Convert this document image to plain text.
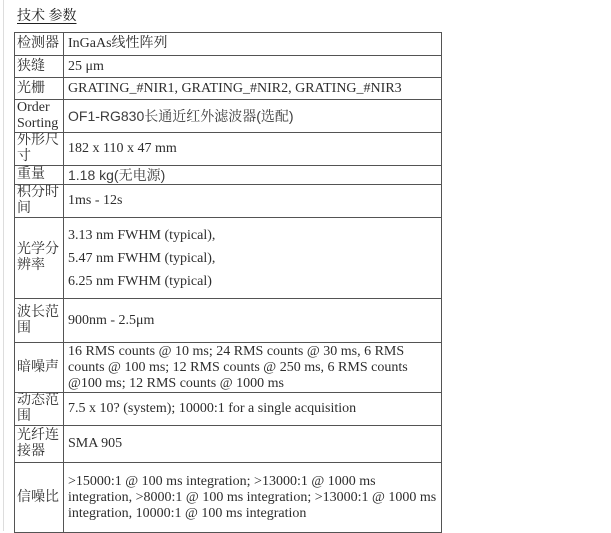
技术 参数
检测器	InGaAs线性阵列
狭缝	25 μm
光栅	GRATING_#NIR1, GRATING_#NIR2, GRATING_#NIR3
Order Sorting	OF1-RG830长通近红外滤波器(选配)
外形尺寸	182 x 110 x 47 mm
重量	1.18 kg(无电源)
积分时间	1ms - 12s
光学分辨率	3.13 nm FWHM (typical),
5.47 nm FWHM (typical),
6.25 nm FWHM (typical)

波长范围	900nm - 2.5μm
暗噪声	16 RMS counts @ 10 ms; 24 RMS counts @ 30 ms, 6 RMS counts @ 100 ms; 12 RMS counts @ 250 ms, 6 RMS counts @100 ms; 12 RMS counts @ 1000 ms
动态范围	7.5 x 10? (system); 10000:1 for a single acquisition
光纤连接器	SMA 905
信噪比	>15000:1 @ 100 ms integration; >13000:1 @ 1000 ms integration, >8000:1 @ 100 ms integration; >13000:1 @ 1000 ms integration, 10000:1 @ 100 ms integration
